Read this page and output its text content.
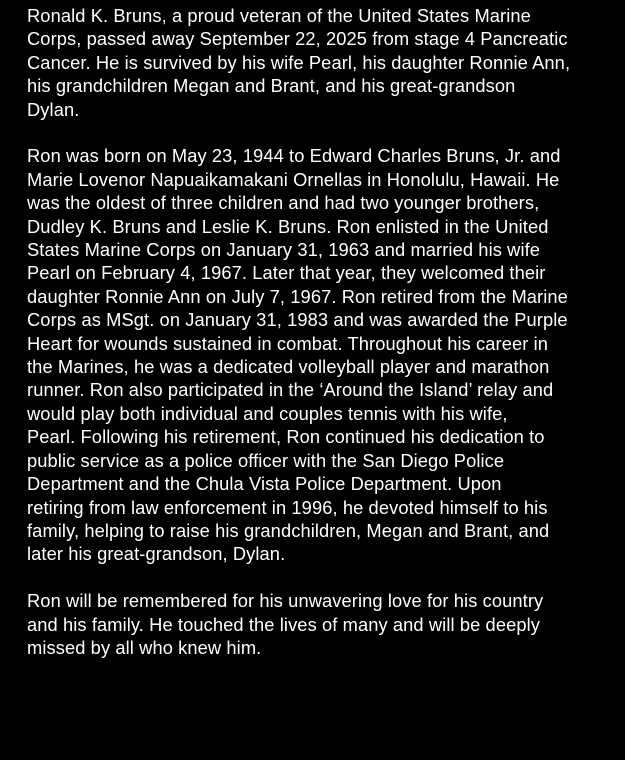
Ronald K. Bruns, a proud veteran of the United States Marine
Corps, passed away September 22, 2025 from stage 4 Pancreatic
Cancer. He is survived by his wife Pearl, his daughter Ronnie Ann,
his grandchildren Megan and Brant, and his great-grandson
Dylan.

Ron was born on May 23, 1944 to Edward Charles Bruns, Jr. and
Marie Lovenor Napuaikamakani Ornellas in Honolulu, Hawaii. He
was the oldest of three children and had two younger brothers,
Dudley K. Bruns and Leslie K. Bruns. Ron enlisted in the United
States Marine Corps on January 31, 1963 and married his wife
Pearl on February 4, 1967. Later that year, they welcomed their
daughter Ronnie Ann on July 7, 1967. Ron retired from the Marine
Corps as MSgt. on January 31, 1983 and was awarded the Purple
Heart for wounds sustained in combat. Throughout his career in
the Marines, he was a dedicated volleyball player and marathon
runner. Ron also participated in the ‘Around the Island’ relay and
would play both individual and couples tennis with his wife,
Pearl. Following his retirement, Ron continued his dedication to
public service as a police officer with the San Diego Police
Department and the Chula Vista Police Department. Upon
retiring from law enforcement in 1996, he devoted himself to his
family, helping to raise his grandchildren, Megan and Brant, and
later his great-grandson, Dylan.

Ron will be remembered for his unwavering love for his country
and his family. He touched the lives of many and will be deeply
missed by all who knew him.
